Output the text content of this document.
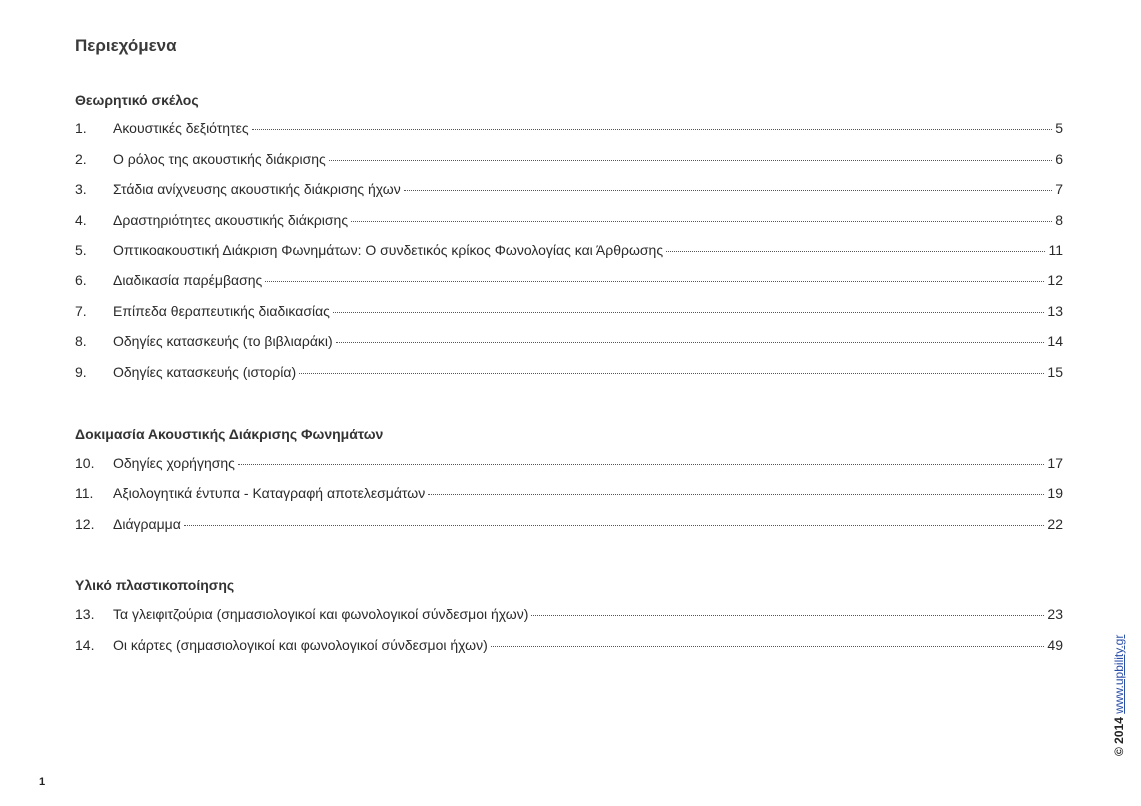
Περιεχόμενα
Θεωρητικό σκέλος
1.	Ακουστικές δεξιότητες	5
2.	Ο ρόλος της ακουστικής διάκρισης	6
3.	Στάδια ανίχνευσης ακουστικής διάκρισης ήχων	7
4.	Δραστηριότητες ακουστικής διάκρισης	8
5.	Οπτικοακουστική Διάκριση Φωνημάτων: Ο συνδετικός κρίκος Φωνολογίας και Άρθρωσης	11
6.	Διαδικασία παρέμβασης	12
7.	Επίπεδα θεραπευτικής διαδικασίας	13
8.	Οδηγίες κατασκευής (το βιβλιαράκι)	14
9.	Οδηγίες κατασκευής (ιστορία)	15
Δοκιμασία Ακουστικής Διάκρισης Φωνημάτων
10.	Οδηγίες χορήγησης	17
11.	Αξιολογητικά έντυπα - Καταγραφή αποτελεσμάτων	19
12.	Διάγραμμα	22
Υλικό πλαστικοποίησης
13.	Τα γλειφιτζούρια (σημασιολογικοί και φωνολογικοί σύνδεσμοι ήχων)	23
14.	Οι κάρτες (σημασιολογικοί και φωνολογικοί σύνδεσμοι ήχων)	49
1
© 2014 www.upbility.gr
